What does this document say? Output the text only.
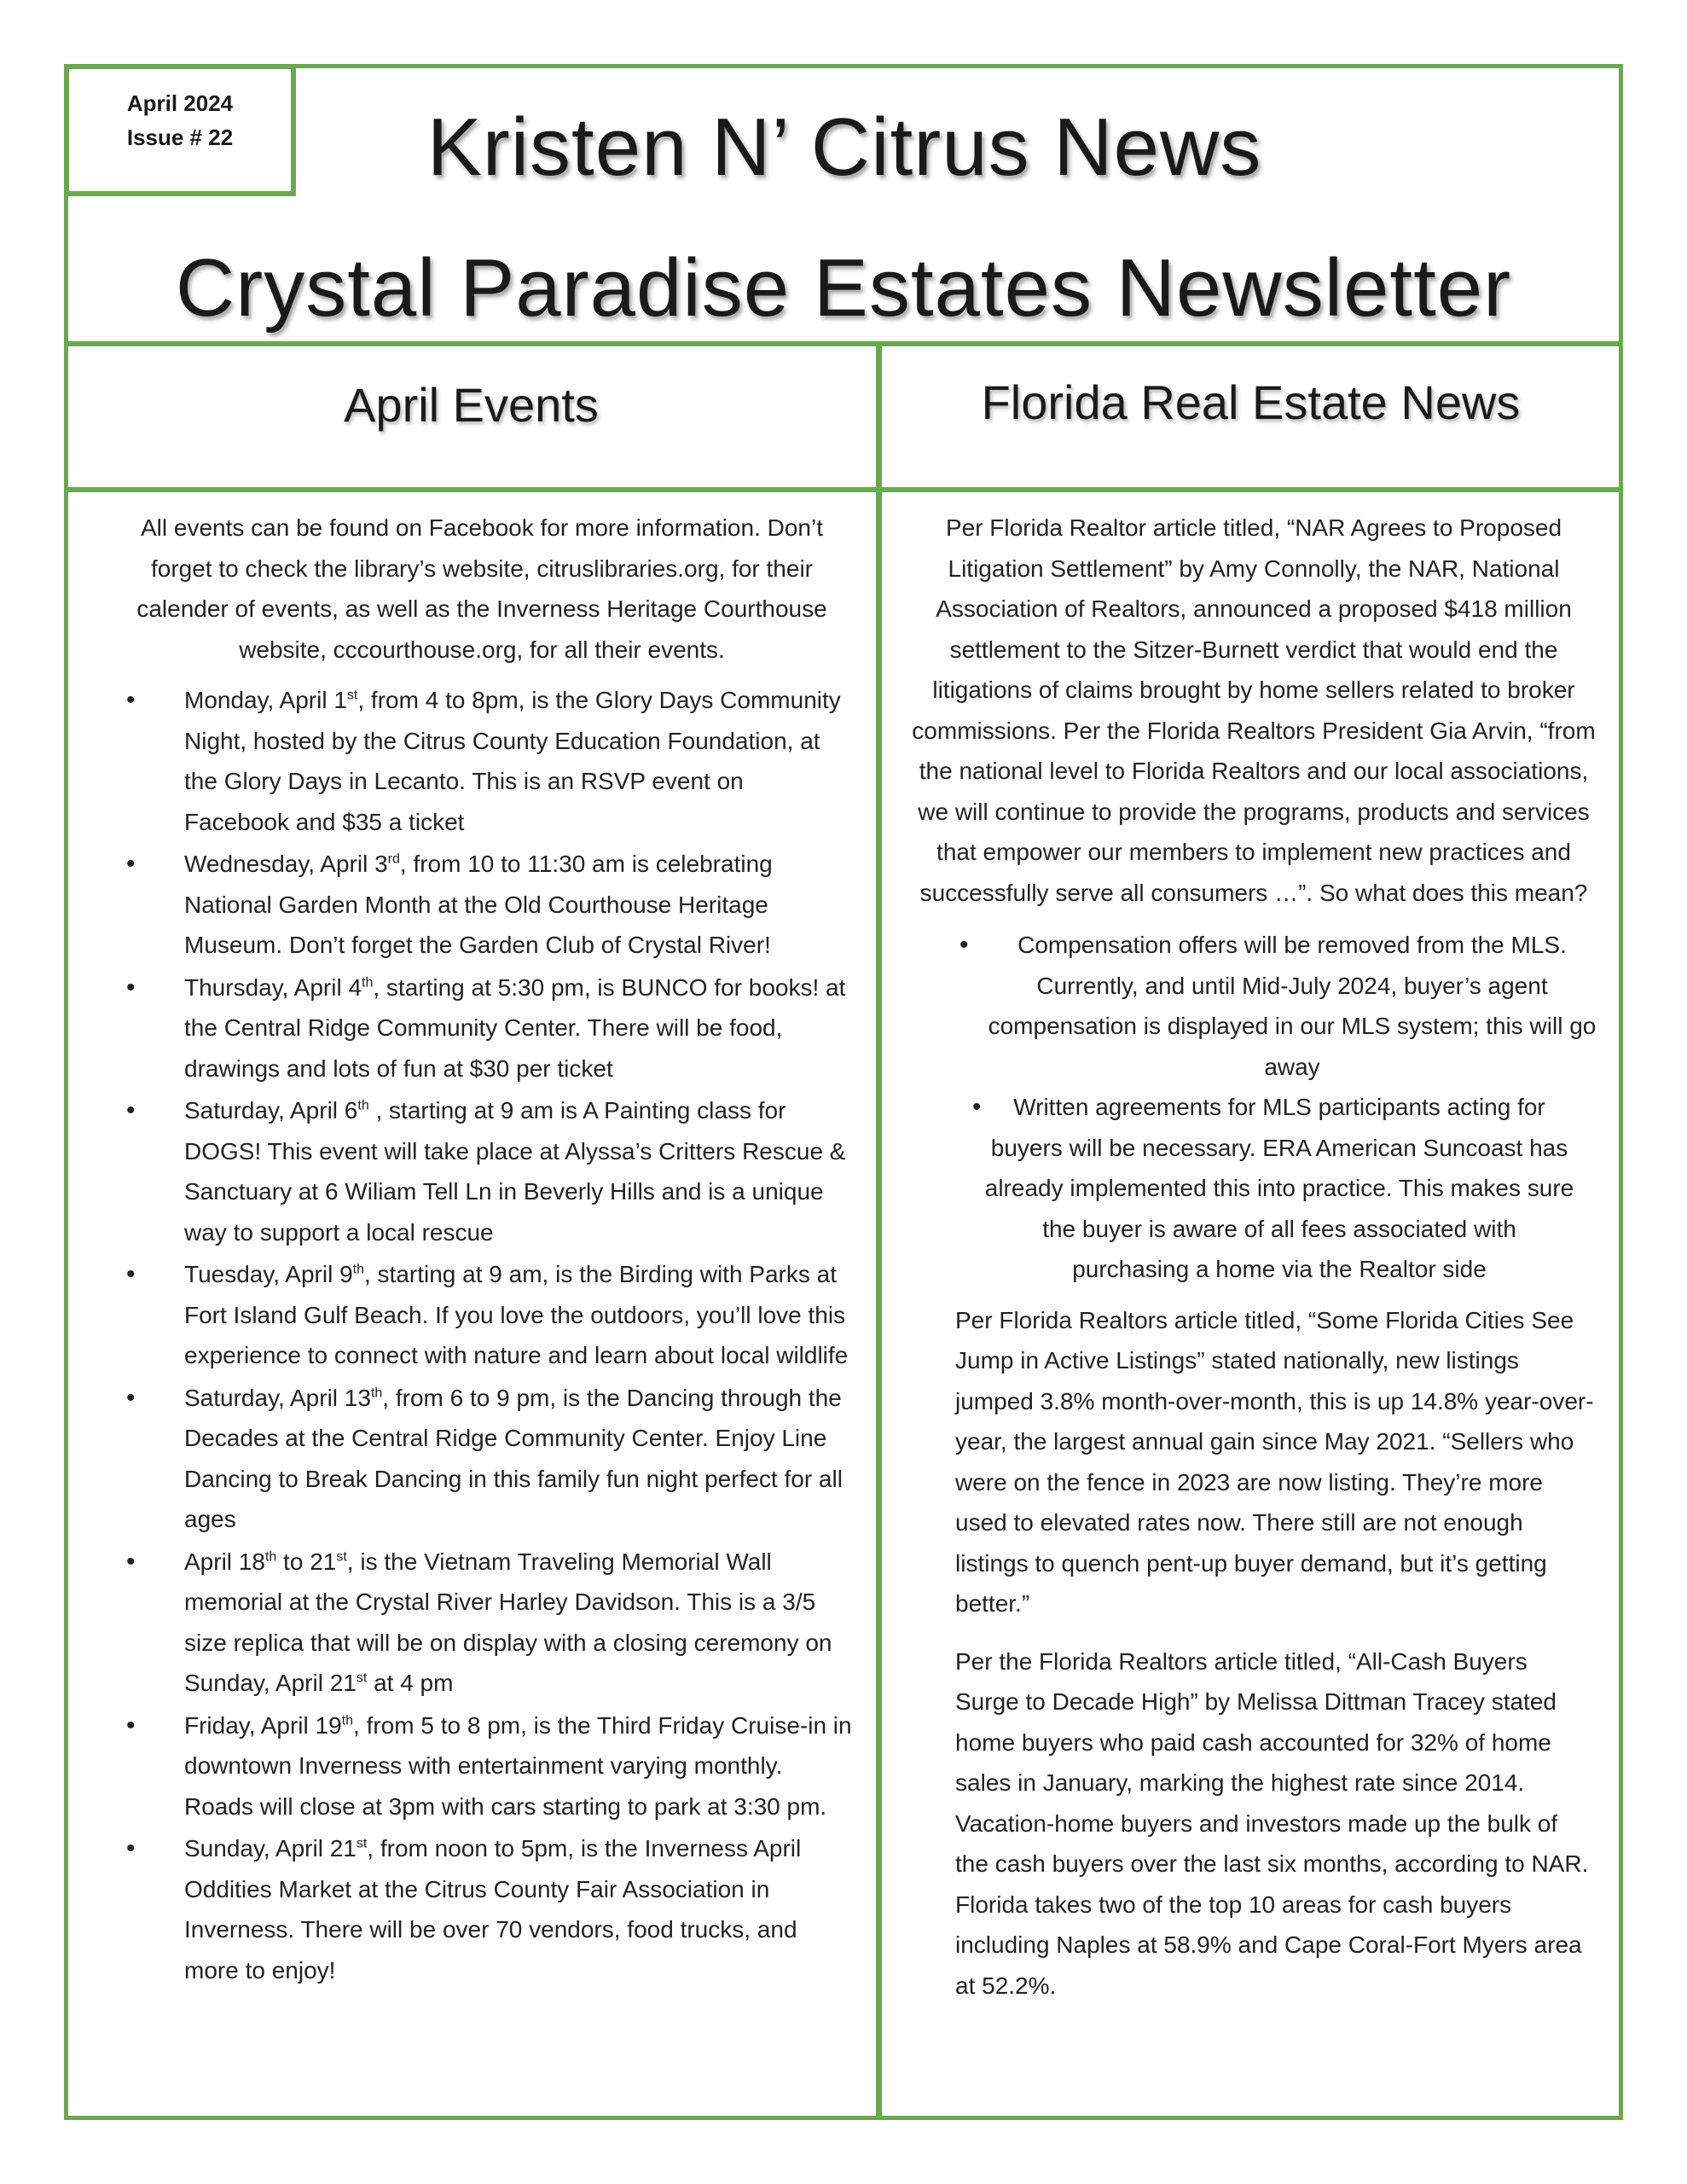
April 2024
Issue # 22	Kristen N’ Citrus News
Crystal Paradise Estates Newsletter
April Events	Florida Real Estate News

All events can be found on Facebook for more information. Don’t forget to check the library’s website, citruslibraries.org, for their calender of events, as well as the Inverness Heritage Courthouse website, cccourthouse.org, for all their events.

• Monday, April 1st, from 4 to 8pm, is the Glory Days Community Night, hosted by the Citrus County Education Foundation, at the Glory Days in Lecanto. This is an RSVP event on Facebook and $35 a ticket
• Wednesday, April 3rd, from 10 to 11:30 am is celebrating National Garden Month at the Old Courthouse Heritage Museum. Don’t forget the Garden Club of Crystal River!
• Thursday, April 4th, starting at 5:30 pm, is BUNCO for books! at the Central Ridge Community Center. There will be food, drawings and lots of fun at $30 per ticket
• Saturday, April 6th , starting at 9 am is A Painting class for DOGS! This event will take place at Alyssa’s Critters Rescue & Sanctuary at 6 Wiliam Tell Ln in Beverly Hills and is a unique way to support a local rescue
• Tuesday, April 9th, starting at 9 am, is the Birding with Parks at Fort Island Gulf Beach. If you love the outdoors, you’ll love this experience to connect with nature and learn about local wildlife
• Saturday, April 13th, from 6 to 9 pm, is the Dancing through the Decades at the Central Ridge Community Center. Enjoy Line Dancing to Break Dancing in this family fun night perfect for all ages
• April 18th to 21st, is the Vietnam Traveling Memorial Wall memorial at the Crystal River Harley Davidson. This is a 3/5 size replica that will be on display with a closing ceremony on Sunday, April 21st at 4 pm
• Friday, April 19th, from 5 to 8 pm, is the Third Friday Cruise-in in downtown Inverness with entertainment varying monthly. Roads will close at 3pm with cars starting to park at 3:30 pm.
• Sunday, April 21st, from noon to 5pm, is the Inverness April Oddities Market at the Citrus County Fair Association in Inverness. There will be over 70 vendors, food trucks, and more to enjoy!

Per Florida Realtor article titled, “NAR Agrees to Proposed Litigation Settlement” by Amy Connolly, the NAR, National Association of Realtors, announced a proposed $418 million settlement to the Sitzer-Burnett verdict that would end the litigations of claims brought by home sellers related to broker commissions. Per the Florida Realtors President Gia Arvin, “from the national level to Florida Realtors and our local associations, we will continue to provide the programs, products and services that empower our members to implement new practices and successfully serve all consumers …”. So what does this mean?

• Compensation offers will be removed from the MLS. Currently, and until Mid-July 2024, buyer’s agent compensation is displayed in our MLS system; this will go away
• Written agreements for MLS participants acting for buyers will be necessary. ERA American Suncoast has already implemented this into practice. This makes sure the buyer is aware of all fees associated with purchasing a home via the Realtor side

Per Florida Realtors article titled, “Some Florida Cities See Jump in Active Listings” stated nationally, new listings jumped 3.8% month-over-month, this is up 14.8% year-over-year, the largest annual gain since May 2021. “Sellers who were on the fence in 2023 are now listing. They’re more used to elevated rates now. There still are not enough listings to quench pent-up buyer demand, but it’s getting better.”

Per the Florida Realtors article titled, “All-Cash Buyers Surge to Decade High” by Melissa Dittman Tracey stated home buyers who paid cash accounted for 32% of home sales in January, marking the highest rate since 2014. Vacation-home buyers and investors made up the bulk of the cash buyers over the last six months, according to NAR. Florida takes two of the top 10 areas for cash buyers including Naples at 58.9% and Cape Coral-Fort Myers area at 52.2%.
